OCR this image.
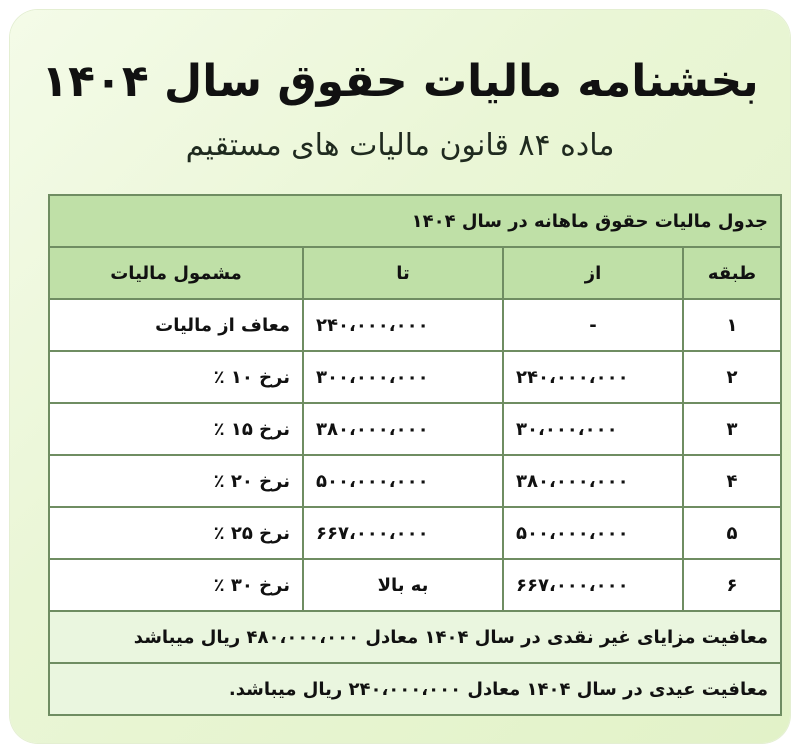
بخشنامه مالیات حقوق سال ۱۴۰۴
ماده ۸۴ قانون مالیات های مستقیم
جدول مالیات حقوق ماهانه در سال ۱۴۰۴			
طبقه	از	تا	مشمول مالیات
۱	-	۲۴۰،۰۰۰،۰۰۰	معاف از مالیات
۲	۲۴۰،۰۰۰،۰۰۰	۳۰۰،۰۰۰،۰۰۰	نرخ ۱۰ ٪
۳	۳۰،۰۰۰،۰۰۰	۳۸۰،۰۰۰،۰۰۰	نرخ ۱۵ ٪
۴	۳۸۰،۰۰۰،۰۰۰	۵۰۰،۰۰۰،۰۰۰	نرخ ۲۰ ٪
۵	۵۰۰،۰۰۰،۰۰۰	۶۶۷،۰۰۰،۰۰۰	نرخ ۲۵ ٪
۶	۶۶۷،۰۰۰،۰۰۰	به بالا	نرخ ۳۰ ٪
معافیت مزایای غیر نقدی در سال ۱۴۰۴ معادل ۴۸۰،۰۰۰،۰۰۰ ریال میباشد			
معافیت عیدی در سال ۱۴۰۴ معادل ۲۴۰،۰۰۰،۰۰۰ ریال میباشد.			
